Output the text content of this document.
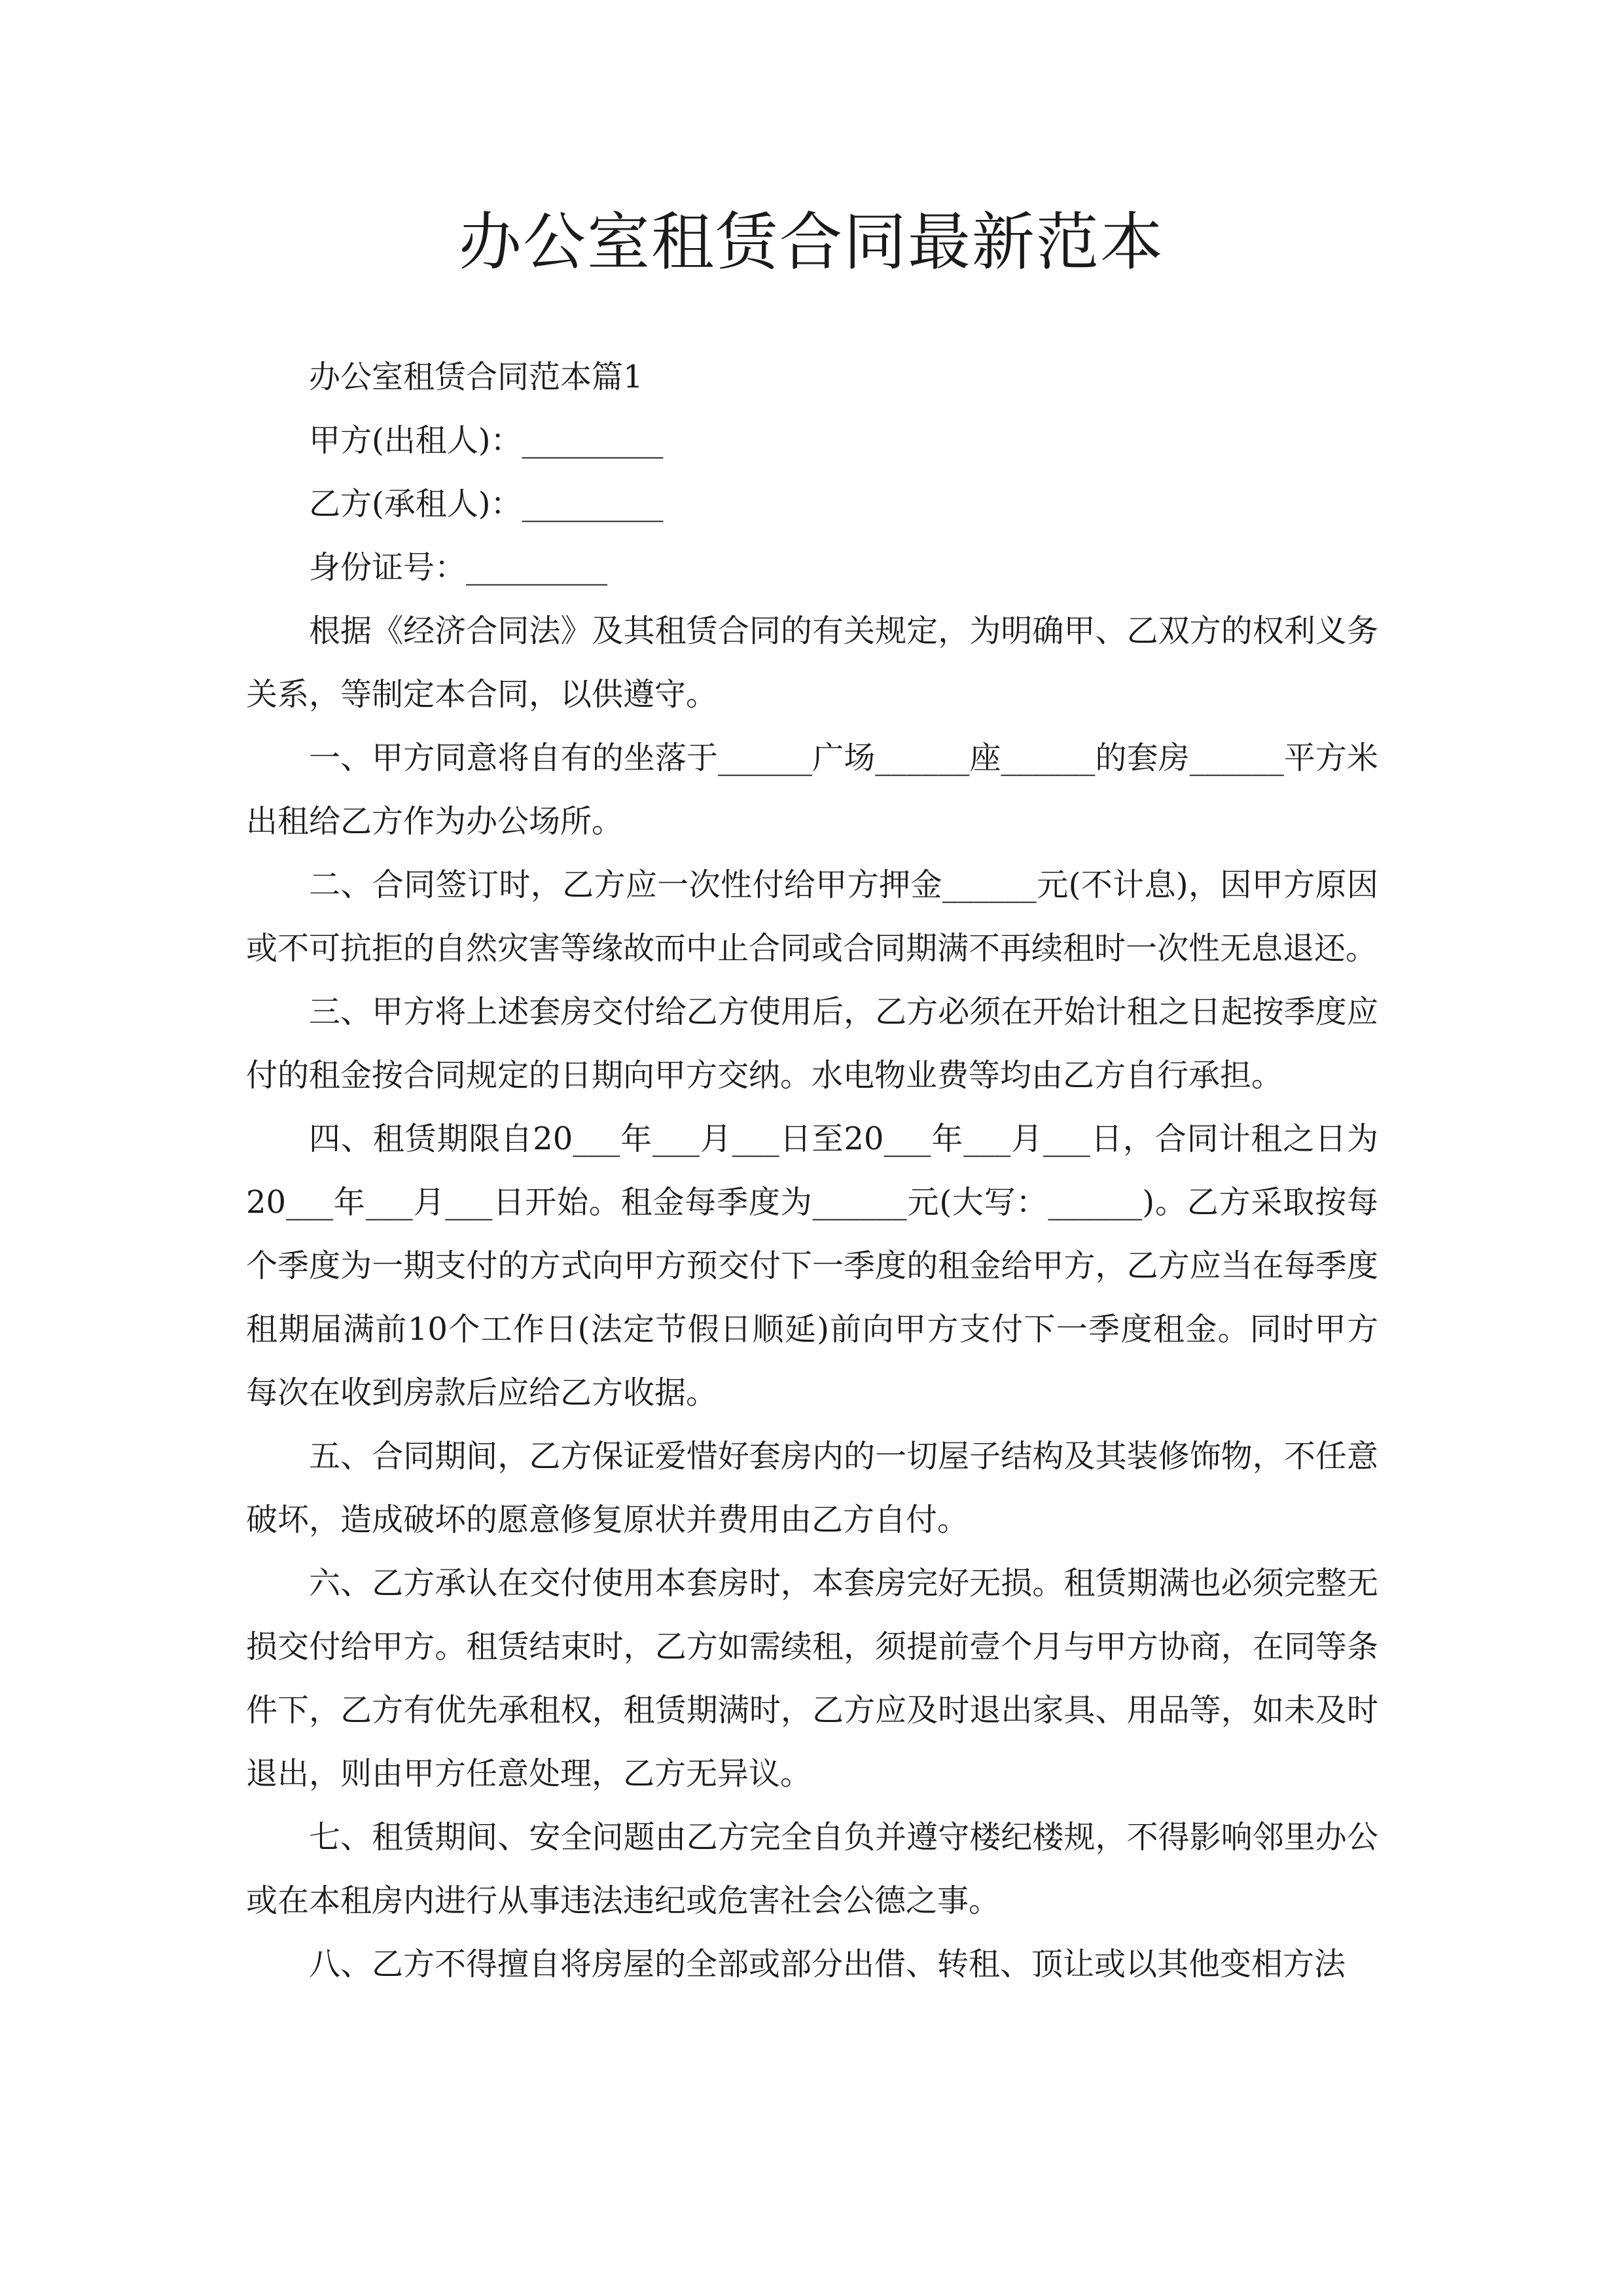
办公室租赁合同最新范本
办公室租赁合同范本篇1
甲方(出租人)：_________
乙方(承租人)：_________
身份证号：_________

根据《经济合同法》及其租赁合同的有关规定，为明确甲、乙双方的权利义务关系，等制定本合同，以供遵守。

一、甲方同意将自有的坐落于______广场______座______的套房______平方米出租给乙方作为办公场所。

二、合同签订时，乙方应一次性付给甲方押金______元(不计息)，因甲方原因或不可抗拒的自然灾害等缘故而中止合同或合同期满不再续租时一次性无息退还。

三、甲方将上述套房交付给乙方使用后，乙方必须在开始计租之日起按季度应付的租金按合同规定的日期向甲方交纳。水电物业费等均由乙方自行承担。

四、租赁期限自20___年___月___日至20___年___月___日，合同计租之日为20___年___月___日开始。租金每季度为______元(大写：______)。乙方采取按每个季度为一期支付的方式向甲方预交付下一季度的租金给甲方，乙方应当在每季度租期届满前10个工作日(法定节假日顺延)前向甲方支付下一季度租金。同时甲方每次在收到房款后应给乙方收据。

五、合同期间，乙方保证爱惜好套房内的一切屋子结构及其装修饰物，不任意破坏，造成破坏的愿意修复原状并费用由乙方自付。

六、乙方承认在交付使用本套房时，本套房完好无损。租赁期满也必须完整无损交付给甲方。租赁结束时，乙方如需续租，须提前壹个月与甲方协商，在同等条件下，乙方有优先承租权，租赁期满时，乙方应及时退出家具、用品等，如未及时退出，则由甲方任意处理，乙方无异议。

七、租赁期间、安全问题由乙方完全自负并遵守楼纪楼规，不得影响邻里办公或在本租房内进行从事违法违纪或危害社会公德之事。

八、乙方不得擅自将房屋的全部或部分出借、转租、顶让或以其他变相方法
